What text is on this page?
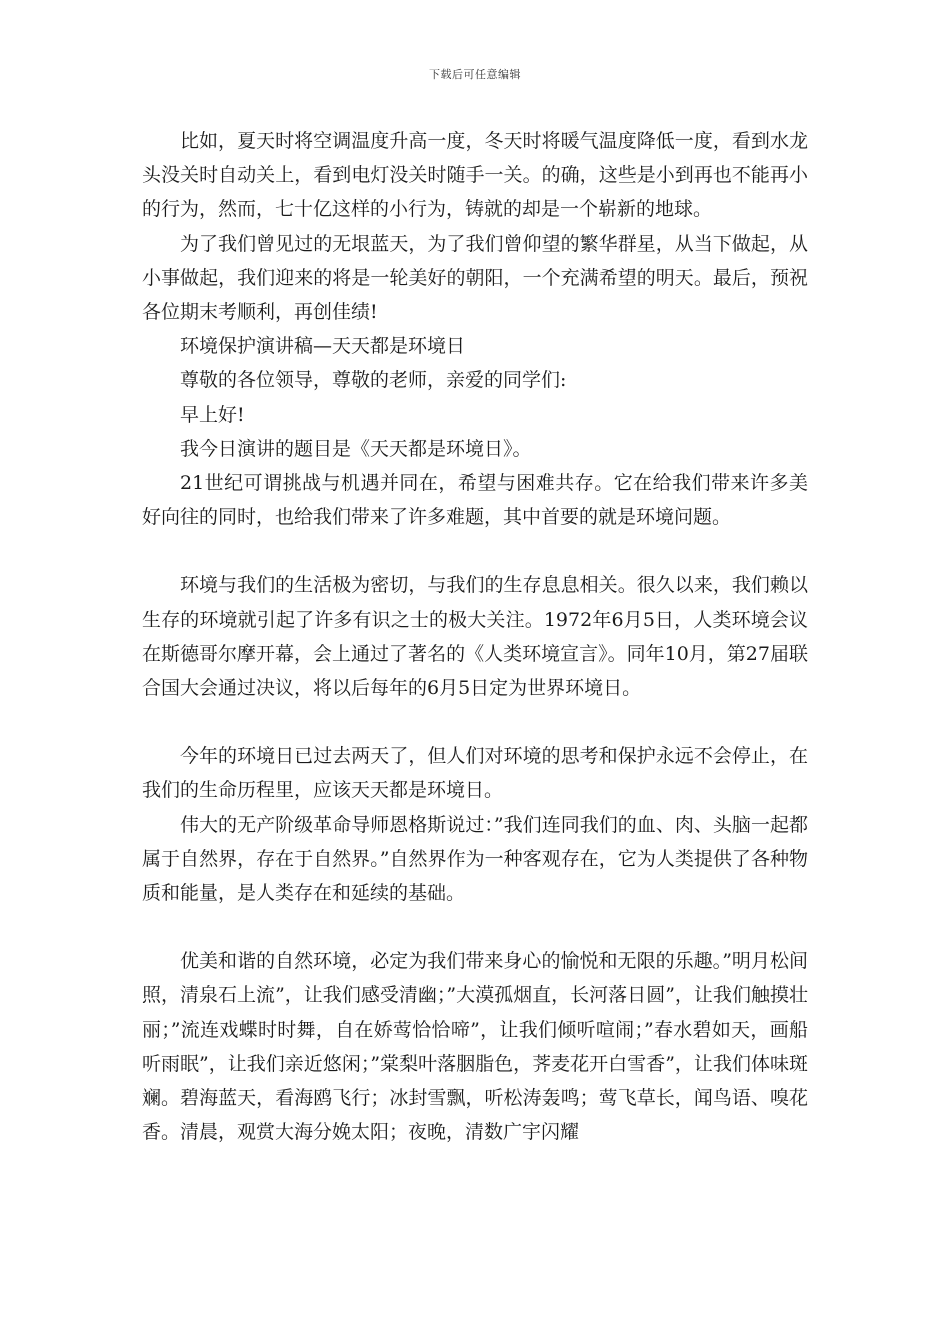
下载后可任意编辑

比如，夏天时将空调温度升高一度，冬天时将暖气温度降低一度，看到水龙头没关时自动关上，看到电灯没关时随手一关。的确，这些是小到再也不能再小的行为，然而，七十亿这样的小行为，铸就的却是一个崭新的地球。

为了我们曾见过的无垠蓝天，为了我们曾仰望的繁华群星，从当下做起，从小事做起，我们迎来的将是一轮美好的朝阳，一个充满希望的明天。最后，预祝各位期末考顺利，再创佳绩!

环境保护演讲稿—天天都是环境日

尊敬的各位领导，尊敬的老师，亲爱的同学们:

早上好!

我今日演讲的题目是《天天都是环境日》。

21世纪可谓挑战与机遇并同在，希望与困难共存。它在给我们带来许多美好向往的同时，也给我们带来了许多难题，其中首要的就是环境问题。

环境与我们的生活极为密切，与我们的生存息息相关。很久以来，我们赖以生存的环境就引起了许多有识之士的极大关注。1972年6月5日，人类环境会议在斯德哥尔摩开幕，会上通过了著名的《人类环境宣言》。同年10月，第27届联合国大会通过决议，将以后每年的6月5日定为世界环境日。

今年的环境日已过去两天了，但人们对环境的思考和保护永远不会停止，在我们的生命历程里，应该天天都是环境日。

伟大的无产阶级革命导师恩格斯说过：”我们连同我们的血、肉、头脑一起都属于自然界，存在于自然界。”自然界作为一种客观存在，它为人类提供了各种物质和能量，是人类存在和延续的基础。

优美和谐的自然环境，必定为我们带来身心的愉悦和无限的乐趣。”明月松间照，清泉石上流”，让我们感受清幽；”大漠孤烟直，长河落日圆”，让我们触摸壮丽；”流连戏蝶时时舞，自在娇莺恰恰啼”，让我们倾听喧闹；”春水碧如天，画船听雨眠”，让我们亲近悠闲；”棠梨叶落胭脂色，荠麦花开白雪香”，让我们体味斑斓。碧海蓝天，看海鸥飞行；冰封雪飘，听松涛轰鸣；莺飞草长，闻鸟语、嗅花香。清晨，观赏大海分娩太阳；夜晚，清数广宇闪耀
